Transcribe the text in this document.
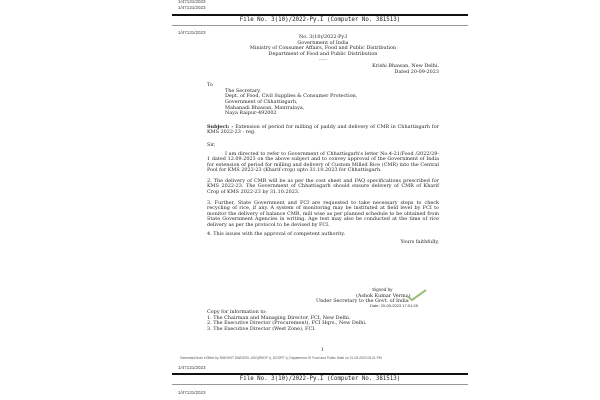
1/47131/2023
1/47131/2023
1/47131/2023
File No. 3(10)/2022-Py.I (Computer No. 381513)
No. 3(10)/2022-Py.I
Government of India
Ministry of Consumer Affairs, Food and Public Distribution
Department of Food and Public Distribution
.....
Krishi Bhawan, New Delhi.
Dated 20-09-2023
To
The Secretary,
Dept. of Food, Civil Supplies & Consumer Protection,
Government of Chhattisgarh,
Mahanadi Bhawan, Mantralaya,
Naya Raipur-492002
Subject: - Extension of period for milling of paddy and delivery of CMR in Chhattisgarh for KMS 2022-23 - reg.
Sir,
I am directed to refer to Government of Chhattisgarh's letter No.4-21/Food /2022/29-1 dated 12.09.2023 on the above subject and to convey approval of the Government of India for extension of period for milling and delivery of Custom Milled Rice (CMR) into the Central Pool for KMS 2022-23 (Kharif crop) upto 31.10.2023 for Chhattisgarh.
2. The delivery of CMR will be as per the cost sheet and FAQ specifications prescribed for KMS 2022-23. The Government of Chhattisgarh should ensure delivery of CMR of Kharif Crop of KMS 2022-23 by 31.10.2023.
3. Further, State Government and FCI are requested to take necessary steps to check recycling of rice, if any. A system of monitoring may be instituted at field level by FCI to monitor the delivery of balance CMR, mill wise as per planned schedule to be obtained from State Government Agencies in writing. Age test may also be conducted at the time of rice delivery as per the protocol to be devised by FCI.
4. This issues with the approval of competent authority.
Yours faithfully,
Signed by
(Ashok Kumar Verma)
Under Secretary to the Govt. of India
Date: 20-09-2023 17:01:28
Copy for information to:
1. The Chairman and Managing Director, FCI, New Delhi.
2. The Executive Director (Procurement), FCI Hqrs., New Delhi.
3. The Executive Director (West Zone), FCI.
1
Generated from eOffice by RAKSHIT DWIVEDI, ASO(RKDP-I), DGOFP-I), Department Of Food and Public Distri on 21-09-2023 05:21 PM
1/47131/2023
1/47131/2023
File No. 3(10)/2022-Py.I (Computer No. 381513)
